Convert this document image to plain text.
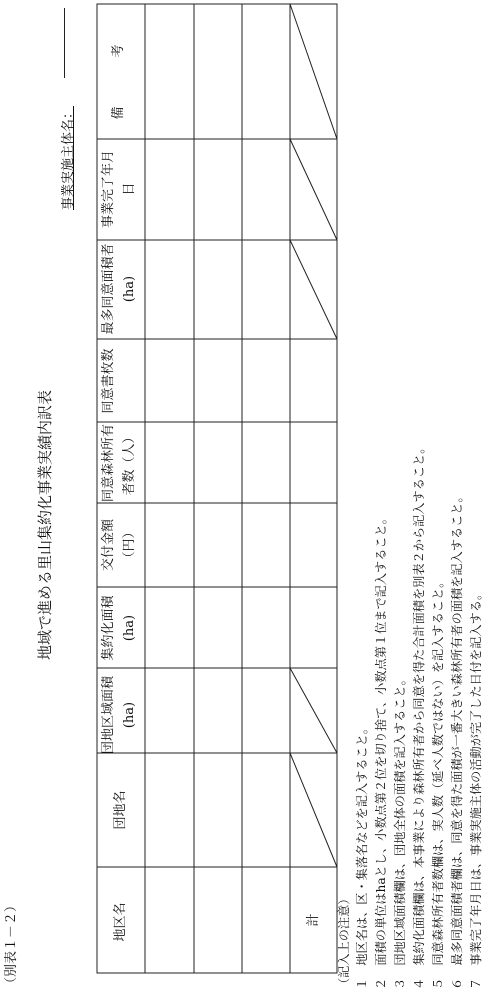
（別表１－２）
地域で進める里山集約化事業実績内訳表
事業実施主体名：
地区名
団地名
団地区域面積(ha)
集約化面積(ha)
交付金額（円）
同意森林所有者数（人）
同意書枚数
最多同意面積者(ha)
事業完了年月日
備　考
計	（記入上の注意） １　地区名は、区・集落名などを記入すること。 ２　面積の単位はhaとし、小数点第２位を切り捨て、小数点第１位まで記入すること。 ３　団地区域面積欄は、団地全体の面積を記入すること。 ４　集約化面積欄は、本事業により森林所有者から同意を得た合計面積を別表２から記入すること。 ５　同意森林所有者数欄は、実人数（延べ人数ではない）を記入すること。 ６　最多同意面積者欄は、同意を得た面積が一番大きい森林所有者の面積を記入すること。 ７　事業完了年月日は、事業実施主体の活動が完了した日付を記入する。
